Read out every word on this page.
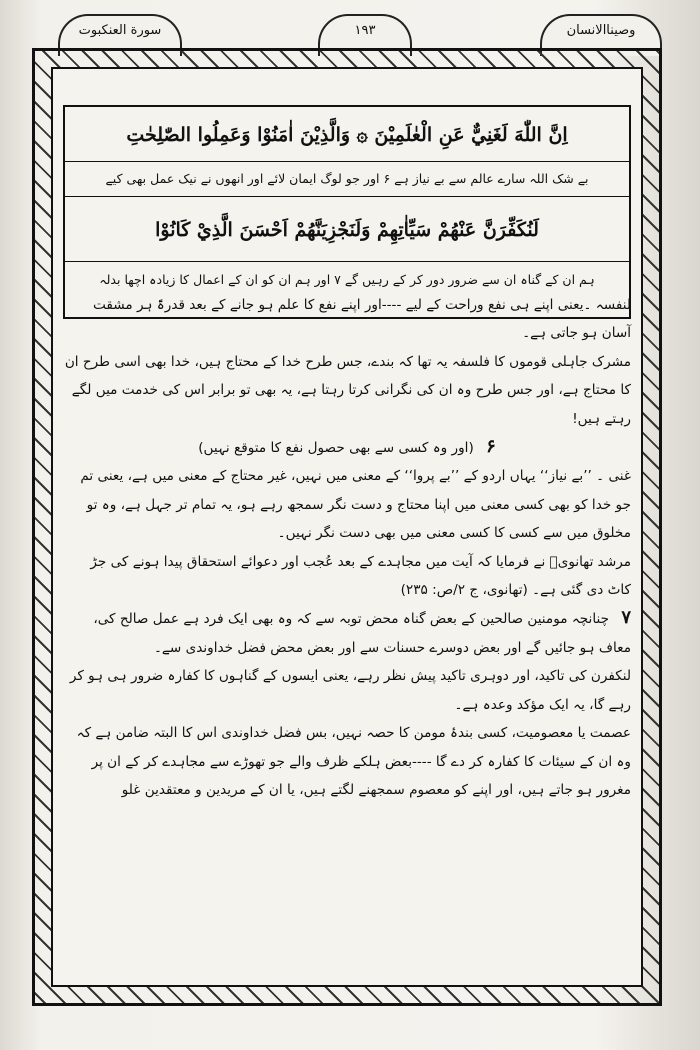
سورة العنكبوت	۱۹۳	وصيناالانسان
اِنَّ اللّٰهَ لَغَنِيٌّ عَنِ الْعٰلَمِيْنَ ۞ وَالَّذِيْنَ اٰمَنُوْا وَعَمِلُوا الصّٰلِحٰتِ
بے شک اللہ سارے عالم سے بے نیاز ہے ۶ اور جو لوگ ایمان لائے اور انھوں نے نیک عمل بھی کیے
لَنُكَفِّرَنَّ عَنْهُمْ سَيِّاٰتِهِمْ وَلَنَجْزِيَنَّهُمْ اَحْسَنَ الَّذِيْ كَانُوْا
ہم ان کے گناہ ان سے ضرور دور کر کے رہیں گے ۷ اور ہم ان کو ان کے اعمال کا زیادہ اچھا بدلہ

لنفسہ ۔یعنی اپنے ہی نفع وراحت کے لیے ----اور اپنے نفع کا علم ہو جانے کے بعد قدرۃً ہر مشقت آسان ہو جاتی ہے۔

مشرک جاہلی قوموں کا فلسفہ یہ تھا کہ بندے، جس طرح خدا کے محتاج ہیں، خدا بھی اسی طرح ان کا محتاج ہے، اور جس طرح وہ ان کی نگرانی کرتا رہتا ہے، یہ بھی تو برابر اس کی خدمت میں لگے رہتے ہیں!

۶ (اور وہ کسی سے بھی حصول نفع کا متوقع نہیں)

غنی ۔ ’’بے نیاز‘‘ یہاں اردو کے ’’بے پروا‘‘ کے معنی میں نہیں، غیر محتاج کے معنی میں ہے، یعنی تم جو خدا کو بھی کسی معنی میں اپنا محتاج و دست نگر سمجھ رہے ہو، یہ تمام تر جہل ہے، وہ تو مخلوق میں سے کسی کا کسی معنی میں بھی دست نگر نہیں۔

مرشد تھانویؒ نے فرمایا کہ آیت میں مجاہدے کے بعد عُجب اور دعوائے استحقاق پیدا ہونے کی جڑ کاٹ دی گئی ہے۔ (تھانوی، ج ۲/ص: ۲۳۵)

۷ چنانچہ مومنین صالحین کے بعض گناہ محض توبہ سے کہ وہ بھی ایک فرد ہے عمل صالح کی، معاف ہو جائیں گے اور بعض دوسرے حسنات سے اور بعض محض فضل خداوندی سے۔

لنکفرن کی تاکید، اور دوہری تاکید پیش نظر رہے، یعنی ایسوں کے گناہوں کا کفارہ ضرور ہی ہو کر رہے گا، یہ ایک مؤکد وعدہ ہے۔

عصمت یا معصومیت، کسی بندۂ مومن کا حصہ نہیں، بس فضل خداوندی اس کا البتہ ضامن ہے کہ وہ ان کے سیئات کا کفارہ کر دے گا ----بعض ہلکے ظرف والے جو تھوڑے سے مجاہدے کر کے ان پر مغرور ہو جاتے ہیں، اور اپنے کو معصوم سمجھنے لگتے ہیں، یا ان کے مریدین و معتقدین غلو
